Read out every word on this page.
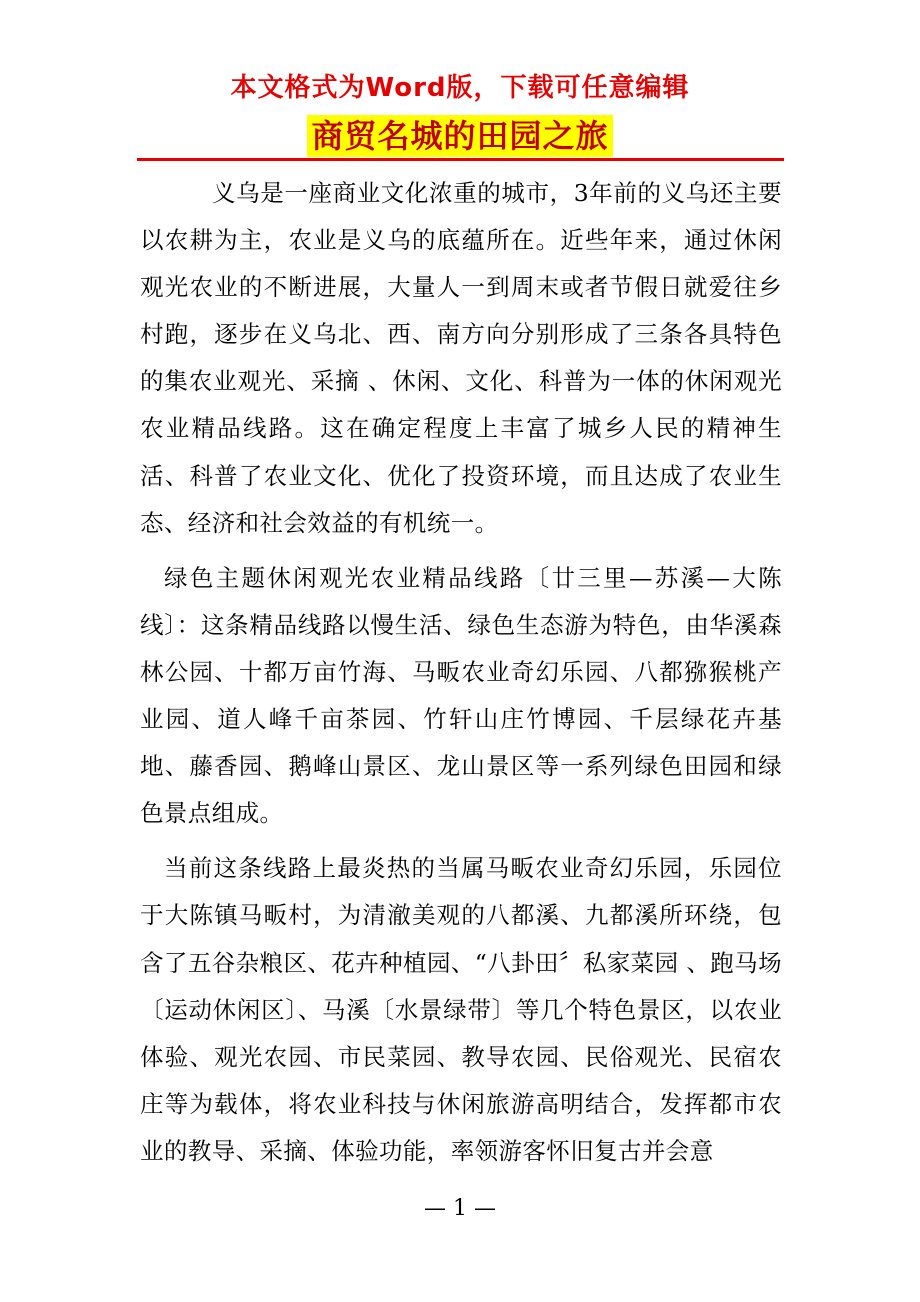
本文格式为Word版，下载可任意编辑
商贸名城的田园之旅

义乌是一座商业文化浓重的城市，3年前的义乌还主要以农耕为主，农业是义乌的底蕴所在。近些年来，通过休闲观光农业的不断进展，大量人一到周末或者节假日就爱往乡村跑，逐步在义乌北、西、南方向分别形成了三条各具特色的集农业观光、采摘 、休闲、文化、科普为一体的休闲观光农业精品线路。这在确定程度上丰富了城乡人民的精神生活、科普了农业文化、优化了投资环境，而且达成了农业生态、经济和社会效益的有机统一。

绿色主题休闲观光农业精品线路〔廿三里—苏溪—大陈线〕：这条精品线路以慢生活、绿色生态游为特色，由华溪森林公园、十都万亩竹海、马畈农业奇幻乐园、八都猕猴桃产业园、道人峰千亩茶园、竹轩山庄竹博园、千层绿花卉基地、藤香园、鹅峰山景区、龙山景区等一系列绿色田园和绿色景点组成。

当前这条线路上最炎热的当属马畈农业奇幻乐园，乐园位于大陈镇马畈村，为清澈美观的八都溪、九都溪所环绕，包含了五谷杂粮区、花卉种植园、“八卦田〞私家菜园 、跑马场〔运动休闲区〕、马溪〔水景绿带〕等几个特色景区，以农业体验、观光农园、市民菜园、教导农园、民俗观光、民宿农庄等为载体，将农业科技与休闲旅游高明结合，发挥都市农业的教导、采摘、体验功能，率领游客怀旧复古并会意

— 1 —
